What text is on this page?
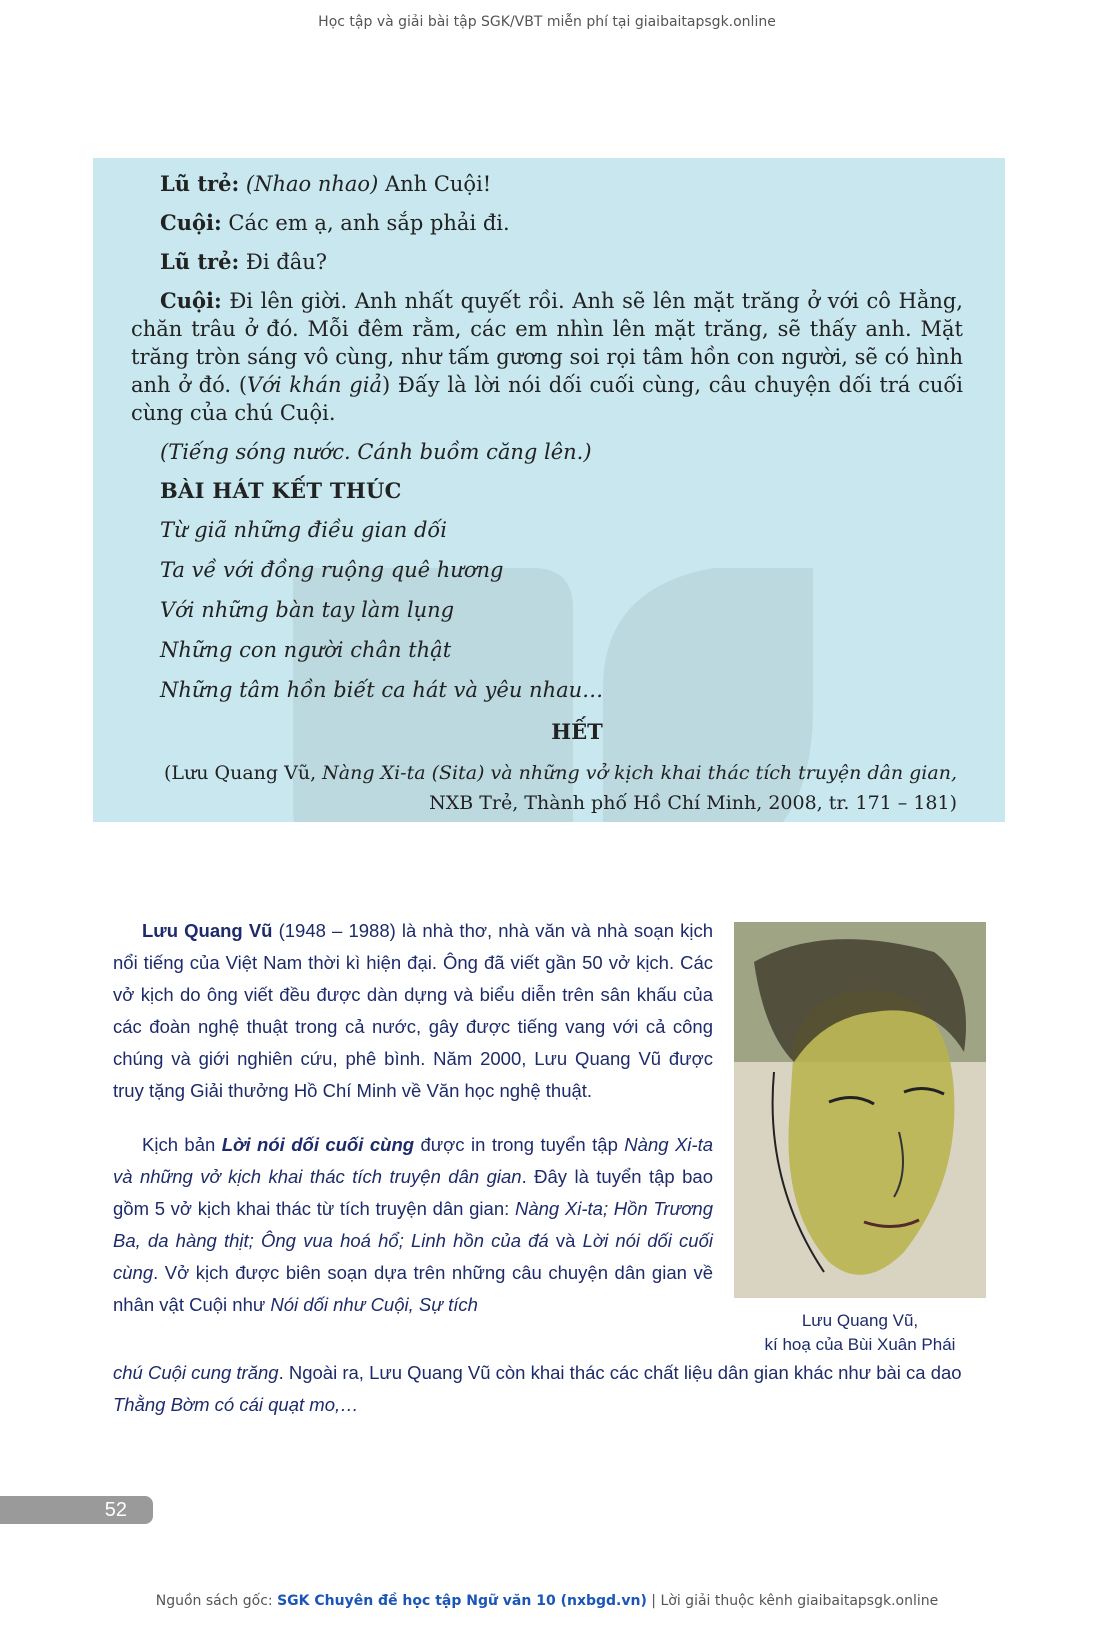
Học tập và giải bài tập SGK/VBT miễn phí tại giaibaitapsgk.online
Lũ trẻ: (Nhao nhao) Anh Cuội!
Cuội: Các em ạ, anh sắp phải đi.
Lũ trẻ: Đi đâu?
Cuội: Đi lên giời. Anh nhất quyết rồi. Anh sẽ lên mặt trăng ở với cô Hằng, chăn trâu ở đó. Mỗi đêm rằm, các em nhìn lên mặt trăng, sẽ thấy anh. Mặt trăng tròn sáng vô cùng, như tấm gương soi rọi tâm hồn con người, sẽ có hình anh ở đó. (Với khán giả) Đấy là lời nói dối cuối cùng, câu chuyện dối trá cuối cùng của chú Cuội.
(Tiếng sóng nước. Cánh buồm căng lên.)
BÀI HÁT KẾT THÚC
Từ giã những điều gian dối
Ta về với đồng ruộng quê hương
Với những bàn tay làm lụng
Những con người chân thật
Những tâm hồn biết ca hát và yêu nhau…
HẾT
(Lưu Quang Vũ, Nàng Xi-ta (Sita) và những vở kịch khai thác tích truyện dân gian,
NXB Trẻ, Thành phố Hồ Chí Minh, 2008, tr. 171 – 181)

Lưu Quang Vũ (1948 – 1988) là nhà thơ, nhà văn và nhà soạn kịch nổi tiếng của Việt Nam thời kì hiện đại. Ông đã viết gần 50 vở kịch. Các vở kịch do ông viết đều được dàn dựng và biểu diễn trên sân khấu của các đoàn nghệ thuật trong cả nước, gây được tiếng vang với cả công chúng và giới nghiên cứu, phê bình. Năm 2000, Lưu Quang Vũ được truy tặng Giải thưởng Hồ Chí Minh về Văn học nghệ thuật.

Kịch bản Lời nói dối cuối cùng được in trong tuyển tập Nàng Xi-ta và những vở kịch khai thác tích truyện dân gian. Đây là tuyển tập bao gồm 5 vở kịch khai thác từ tích truyện dân gian: Nàng Xi-ta; Hồn Trương Ba, da hàng thịt; Ông vua hoá hổ; Linh hồn của đá và Lời nói dối cuối cùng. Vở kịch được biên soạn dựa trên những câu chuyện dân gian về nhân vật Cuội như Nói dối như Cuội, Sự tích

chú Cuội cung trăng. Ngoài ra, Lưu Quang Vũ còn khai thác các chất liệu dân gian khác như bài ca dao Thằng Bờm có cái quạt mo,…
Lưu Quang Vũ,
kí hoạ của Bùi Xuân Phái
52
Nguồn sách gốc: SGK Chuyên đề học tập Ngữ văn 10 (nxbgd.vn) | Lời giải thuộc kênh giaibaitapsgk.online
